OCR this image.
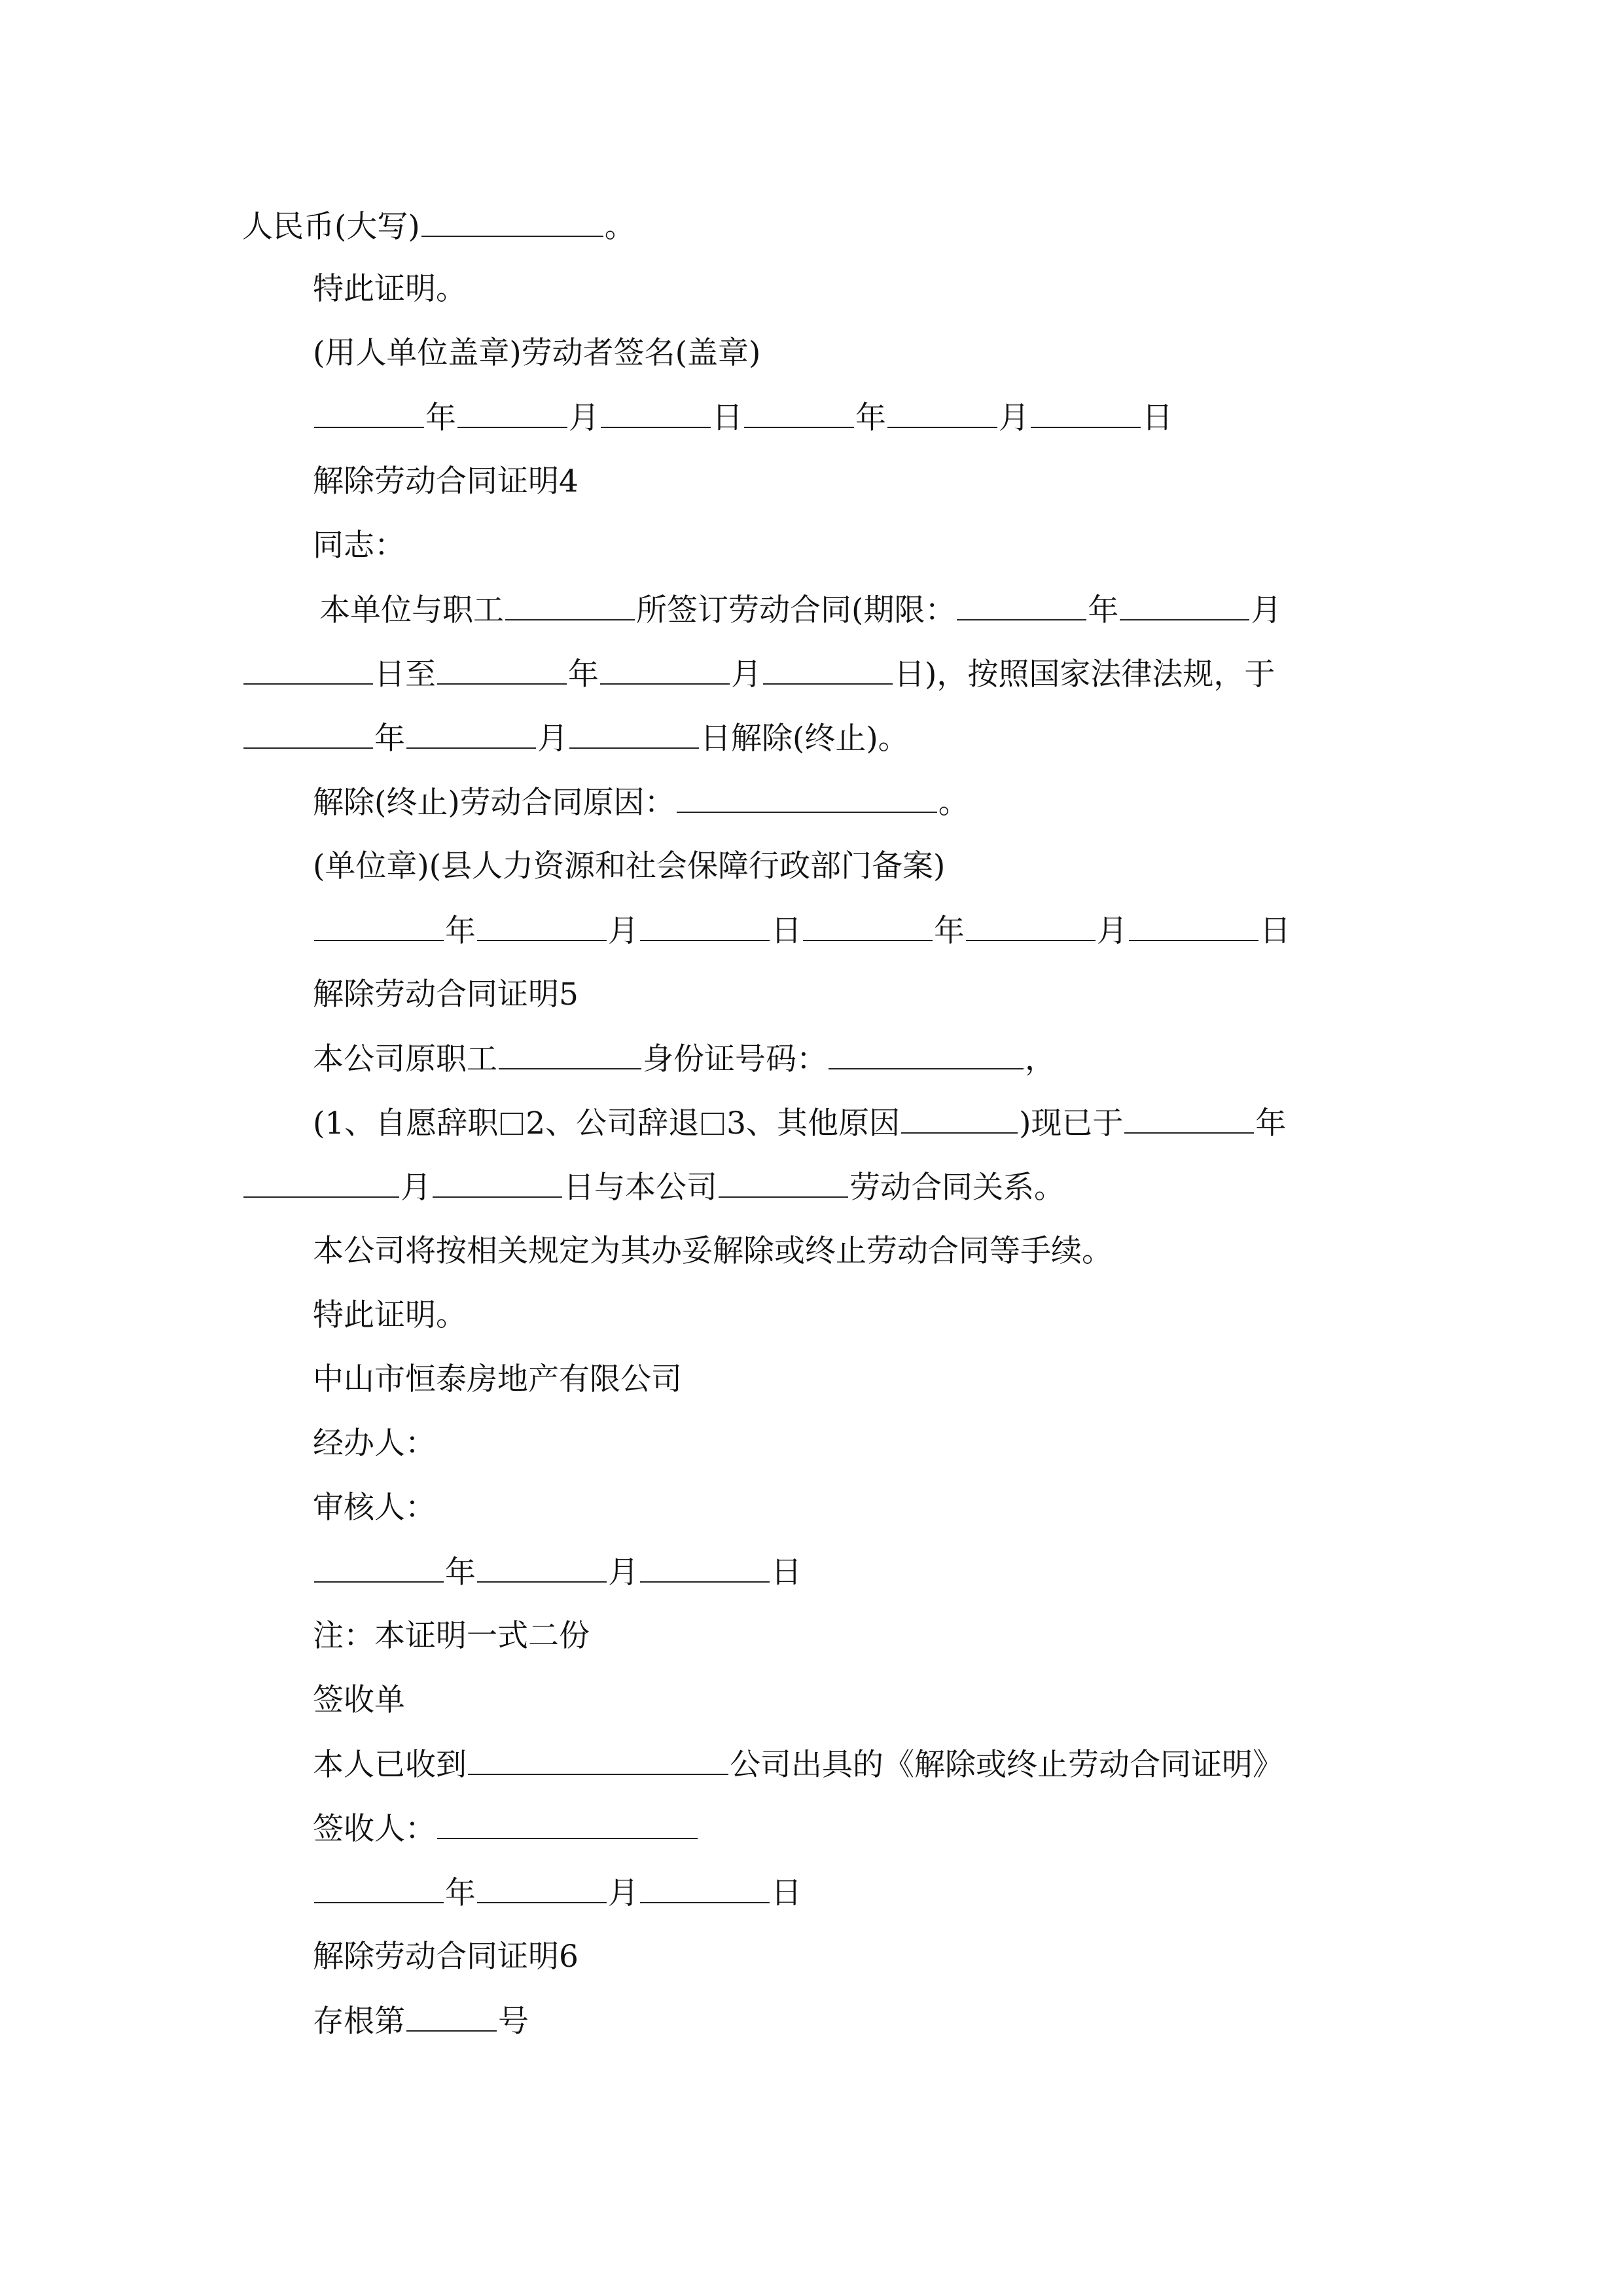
人民币(大写)	。
特此证明。
(用人单位盖章)劳动者签名(盖章)
年	月	日	年	月	日
解除劳动合同证明4
同志：
本单位与职工	所签订劳动合同(期限：	年	月
日至	年	月	日)，按照国家法律法规，于
年	月	日解除(终止)。
解除(终止)劳动合同原因：	。
(单位章)(县人力资源和社会保障行政部门备案)
年	月	日	年	月	日
解除劳动合同证明5
本公司原职工	身份证号码：	，
(1、自愿辞职 2、公司辞退 3、其他原因	)现已于	年
月	日与本公司	劳动合同关系。
本公司将按相关规定为其办妥解除或终止劳动合同等手续。
特此证明。
中山市恒泰房地产有限公司
经办人：
审核人：
年	月	日
注：本证明一式二份
签收单
本人已收到	公司出具的《解除或终止劳动合同证明》
签收人：
年	月	日
解除劳动合同证明6
存根第	号
